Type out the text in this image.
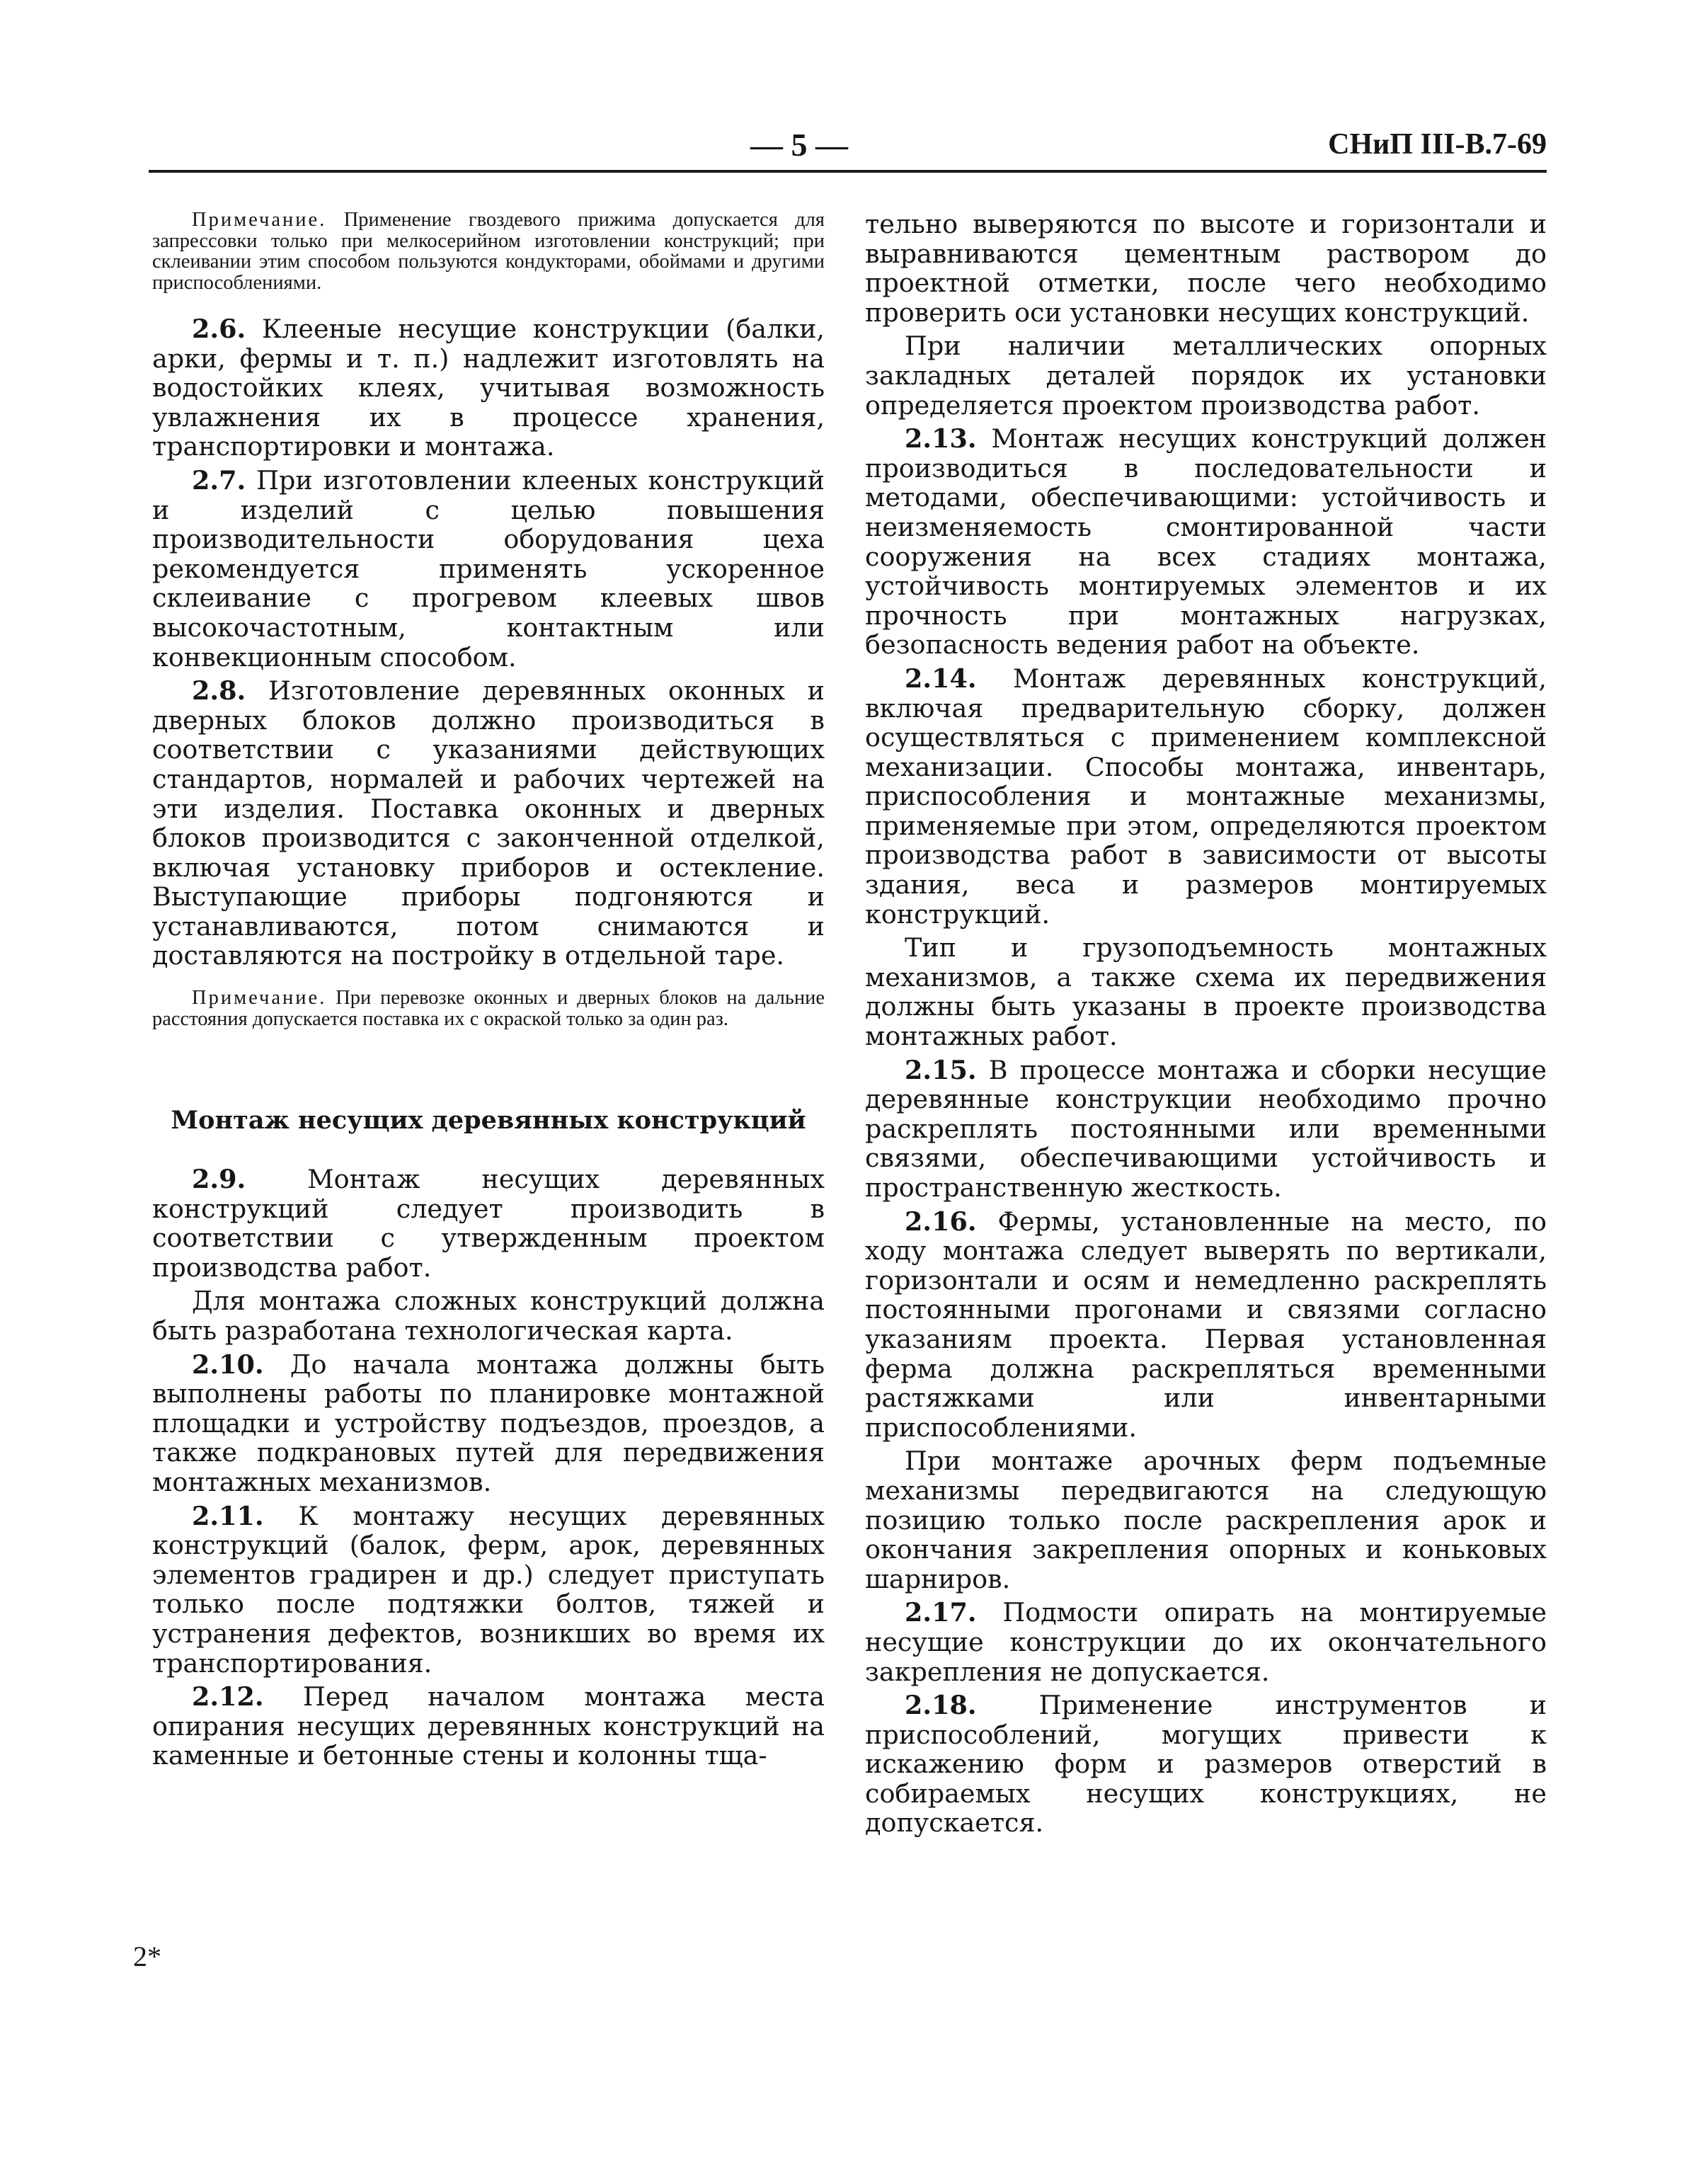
— 5 —	СНиП III-В.7-69

Примечание. Применение гвоздевого прижима допускается для запрессовки только при мелкосерийном изготовлении конструкций; при склеивании этим способом пользуются кондукторами, обоймами и другими приспособлениями.

2.6. Клееные несущие конструкции (балки, арки, фермы и т. п.) надлежит изготовлять на водостойких клеях, учитывая возможность увлажнения их в процессе хранения, транспортировки и монтажа.

2.7. При изготовлении клееных конструкций и изделий с целью повышения производительности оборудования цеха рекомендуется применять ускоренное склеивание с прогревом клеевых швов высокочастотным, контактным или конвекционным способом.

2.8. Изготовление деревянных оконных и дверных блоков должно производиться в соответствии с указаниями действующих стандартов, нормалей и рабочих чертежей на эти изделия. Поставка оконных и дверных блоков производится с законченной отделкой, включая установку приборов и остекление. Выступающие приборы подгоняются и устанавливаются, потом снимаются и доставляются на постройку в отдельной таре.

Примечание. При перевозке оконных и дверных блоков на дальние расстояния допускается поставка их с окраской только за один раз.

Монтаж несущих деревянных конструкций

2.9. Монтаж несущих деревянных конструкций следует производить в соответствии с утвержденным проектом производства работ.

Для монтажа сложных конструкций должна быть разработана технологическая карта.

2.10. До начала монтажа должны быть выполнены работы по планировке монтажной площадки и устройству подъездов, проездов, а также подкрановых путей для передвижения монтажных механизмов.

2.11. К монтажу несущих деревянных конструкций (балок, ферм, арок, деревянных элементов градирен и др.) следует приступать только после подтяжки болтов, тяжей и устранения дефектов, возникших во время их транспортирования.

2.12. Перед началом монтажа места опирания несущих деревянных конструкций на каменные и бетонные стены и колонны тща-

тельно выверяются по высоте и горизонтали и выравниваются цементным раствором до проектной отметки, после чего необходимо проверить оси установки несущих конструкций.

При наличии металлических опорных закладных деталей порядок их установки определяется проектом производства работ.

2.13. Монтаж несущих конструкций должен производиться в последовательности и методами, обеспечивающими: устойчивость и неизменяемость смонтированной части сооружения на всех стадиях монтажа, устойчивость монтируемых элементов и их прочность при монтажных нагрузках, безопасность ведения работ на объекте.

2.14. Монтаж деревянных конструкций, включая предварительную сборку, должен осуществляться с применением комплексной механизации. Способы монтажа, инвентарь, приспособления и монтажные механизмы, применяемые при этом, определяются проектом производства работ в зависимости от высоты здания, веса и размеров монтируемых конструкций.

Тип и грузоподъемность монтажных механизмов, а также схема их передвижения должны быть указаны в проекте производства монтажных работ.

2.15. В процессе монтажа и сборки несущие деревянные конструкции необходимо прочно раскреплять постоянными или временными связями, обеспечивающими устойчивость и пространственную жесткость.

2.16. Фермы, установленные на место, по ходу монтажа следует выверять по вертикали, горизонтали и осям и немедленно раскреплять постоянными прогонами и связями согласно указаниям проекта. Первая установленная ферма должна раскрепляться временными растяжками или инвентарными приспособлениями.

При монтаже арочных ферм подъемные механизмы передвигаются на следующую позицию только после раскрепления арок и окончания закрепления опорных и коньковых шарниров.

2.17. Подмости опирать на монтируемые несущие конструкции до их окончательного закрепления не допускается.

2.18. Применение инструментов и приспособлений, могущих привести к искажению форм и размеров отверстий в собираемых несущих конструкциях, не допускается.

2*
